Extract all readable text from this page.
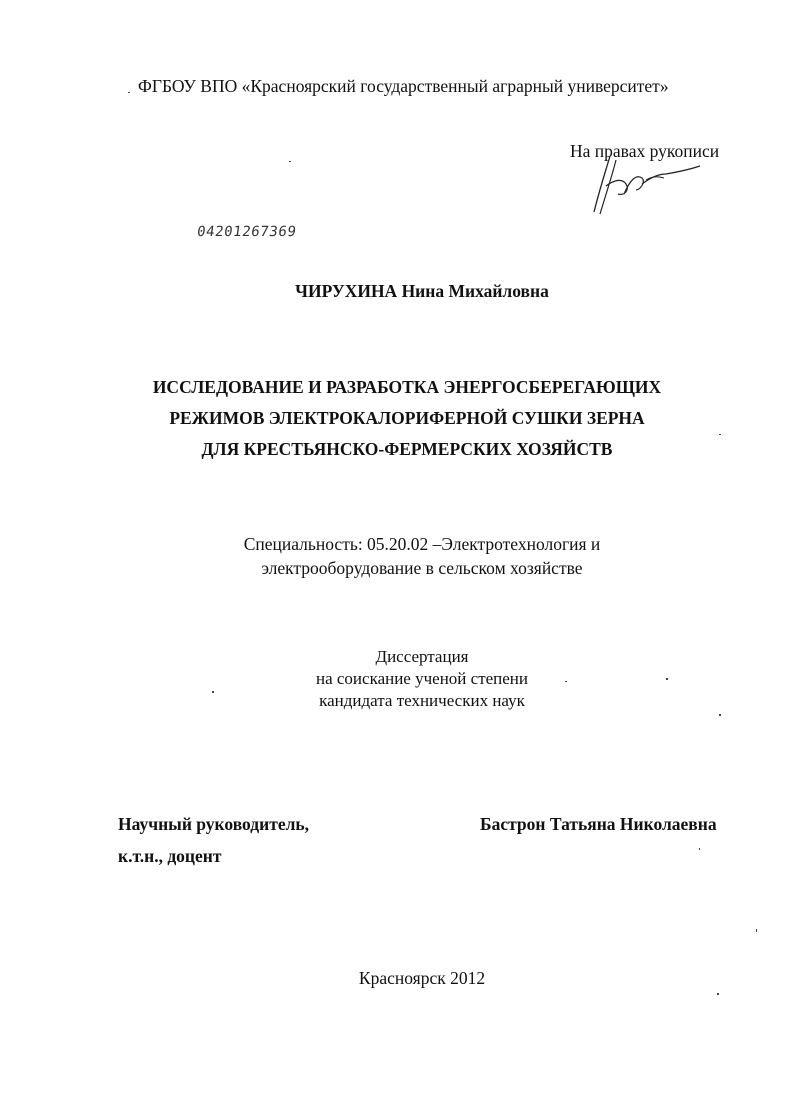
ФГБОУ ВПО «Красноярский государственный аграрный университет»
На правах рукописи
04201267369
ЧИРУХИНА Нина Михайловна
ИССЛЕДОВАНИЕ И РАЗРАБОТКА ЭНЕРГОСБЕРЕГАЮЩИХ
РЕЖИМОВ ЭЛЕКТРОКАЛОРИФЕРНОЙ СУШКИ ЗЕРНА
ДЛЯ КРЕСТЬЯНСКО-ФЕРМЕРСКИХ ХОЗЯЙСТВ
Специальность: 05.20.02 –Электротехнология и
электрооборудование в сельском хозяйстве
Диссертация
на соискание ученой степени
кандидата технических наук
Научный руководитель,	Бастрон Татьяна Николаевна
к.т.н., доцент
Красноярск 2012
